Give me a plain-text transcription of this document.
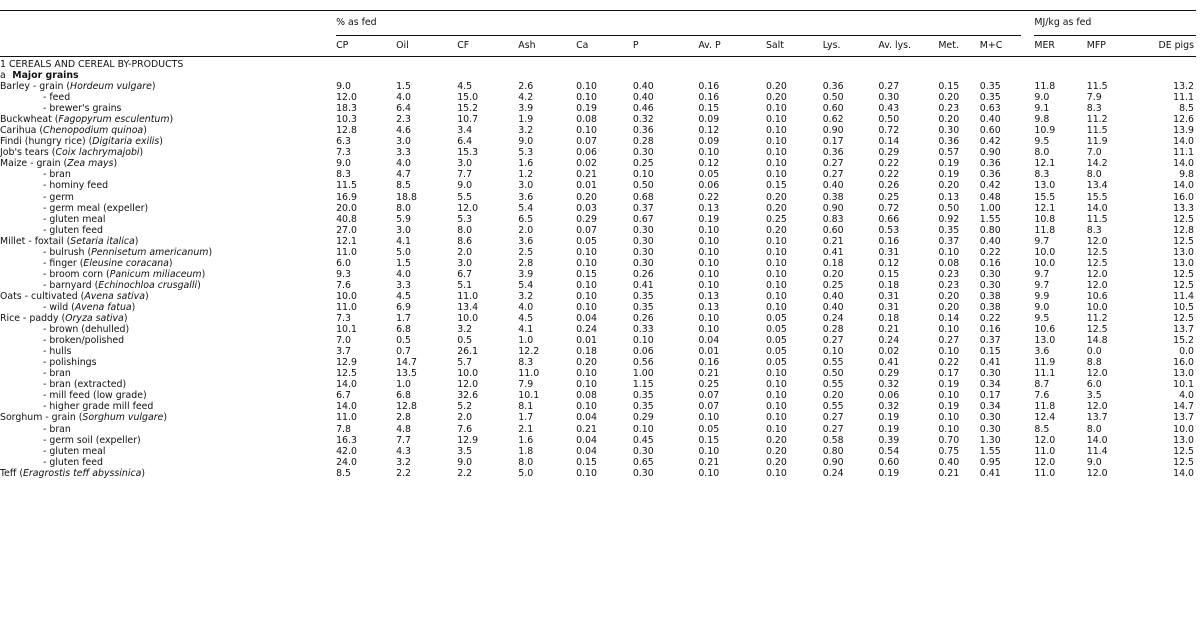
	% as fed													MJ/kg as fed		
	CP	Oil	CF	Ash	Ca	P	Av. P	Salt	Lys.	Av. lys.	Met.	M+C		MER	MFP	DE pigs
1 CEREALS AND CEREAL BY-PRODUCTS																
a Major grains																
Barley - grain (Hordeum vulgare)	9.0	1.5	4.5	2.6	0.10	0.40	0.16	0.20	0.36	0.27	0.15	0.35		11.8	11.5	13.2
- feed	12.0	4.0	15.0	4.2	0.10	0.40	0.16	0.20	0.50	0.30	0.20	0.35		9.0	7.9	11.1
- brewer's grains	18.3	6.4	15.2	3.9	0.19	0.46	0.15	0.10	0.60	0.43	0.23	0.63		9.1	8.3	8.5
Buckwheat (Fagopyrum esculentum)	10.3	2.3	10.7	1.9	0.08	0.32	0.09	0.10	0.62	0.50	0.20	0.40		9.8	11.2	12.6
Carihua (Chenopodium quinoa)	12.8	4.6	3.4	3.2	0.10	0.36	0.12	0.10	0.90	0.72	0.30	0.60		10.9	11.5	13.9
Findi (hungry rice) (Digitaria exilis)	6.3	3.0	6.4	9.0	0.07	0.28	0.09	0.10	0.17	0.14	0.36	0.42		9.5	11.9	14.0
Job's tears (Coix lachrymajobi)	7.3	3.3	15.3	5.3	0.06	0.30	0.10	0.10	0.36	0.29	0.57	0.90		8.0	7.0	11.1
Maize - grain (Zea mays)	9.0	4.0	3.0	1.6	0.02	0.25	0.12	0.10	0.27	0.22	0.19	0.36		12.1	14.2	14.0
- bran	8.3	4.7	7.7	1.2	0.21	0.10	0.05	0.10	0.27	0.22	0.19	0.36		8.3	8.0	9.8
- hominy feed	11.5	8.5	9.0	3.0	0.01	0.50	0.06	0.15	0.40	0.26	0.20	0.42		13.0	13.4	14.0
- germ	16.9	18.8	5.5	3.6	0.20	0.68	0.22	0.20	0.38	0.25	0.13	0.48		15.5	15.5	16.0
- germ meal (expeller)	20.0	8.0	12.0	5.4	0.03	0.37	0.13	0.20	0.90	0.72	0.50	1.00		12.1	14.0	13.3
- gluten meal	40.8	5.9	5.3	6.5	0.29	0.67	0.19	0.25	0.83	0.66	0.92	1.55		10.8	11.5	12.5
- gluten feed	27.0	3.0	8.0	2.0	0.07	0.30	0.10	0.20	0.60	0.53	0.35	0.80		11.8	8.3	12.8
Millet - foxtail (Setaria italica)	12.1	4.1	8.6	3.6	0.05	0.30	0.10	0.10	0.21	0.16	0.37	0.40		9.7	12.0	12.5
- bulrush (Pennisetum americanum)	11.0	5.0	2.0	2.5	0.10	0.30	0.10	0.10	0.41	0.31	0.10	0.22		10.0	12.5	13.0
- finger (Eleusine coracana)	6.0	1.5	3.0	2.8	0.10	0.30	0.10	0.10	0.18	0.12	0.08	0.16		10.0	12.5	13.0
- broom corn (Panicum miliaceum)	9.3	4.0	6.7	3.9	0.15	0.26	0.10	0.10	0.20	0.15	0.23	0.30		9.7	12.0	12.5
- barnyard (Echinochloa crusgalli)	7.6	3.3	5.1	5.4	0.10	0.41	0.10	0.10	0.25	0.18	0.23	0.30		9.7	12.0	12.5
Oats - cultivated (Avena sativa)	10.0	4.5	11.0	3.2	0.10	0.35	0.13	0.10	0.40	0.31	0.20	0.38		9.9	10.6	11.4
- wild (Avena fatua)	11.0	6.9	13.4	4.0	0.10	0.35	0.13	0.10	0.40	0.31	0.20	0.38		9.0	10.0	10.5
Rice - paddy (Oryza sativa)	7.3	1.7	10.0	4.5	0.04	0.26	0.10	0.05	0.24	0.18	0.14	0.22		9.5	11.2	12.5
- brown (dehulled)	10.1	6.8	3.2	4.1	0.24	0.33	0.10	0.05	0.28	0.21	0.10	0.16		10.6	12.5	13.7
- broken/polished	7.0	0.5	0.5	1.0	0.01	0.10	0.04	0.05	0.27	0.24	0.27	0.37		13.0	14.8	15.2
- hulls	3.7	0.7	26.1	12.2	0.18	0.06	0.01	0.05	0.10	0.02	0.10	0.15		3.6	0.0	0.0
- polishings	12.9	14.7	5.7	8.3	0.20	0.56	0.16	0.05	0.55	0.41	0.22	0.41		11.9	8.8	16.0
- bran	12.5	13.5	10.0	11.0	0.10	1.00	0.21	0.10	0.50	0.29	0.17	0.30		11.1	12.0	13.0
- bran (extracted)	14.0	1.0	12.0	7.9	0.10	1.15	0.25	0.10	0.55	0.32	0.19	0.34		8.7	6.0	10.1
- mill feed (low grade)	6.7	6.8	32.6	10.1	0.08	0.35	0.07	0.10	0.20	0.06	0.10	0.17		7.6	3.5	4.0
- higher grade mill feed	14.0	12.8	5.2	8.1	0.10	0.35	0.07	0.10	0.55	0.32	0.19	0.34		11.8	12.0	14.7
Sorghum - grain (Sorghum vulgare)	11.0	2.8	2.0	1.7	0.04	0.29	0.10	0.10	0.27	0.19	0.10	0.30		12.4	13.7	13.7
- bran	7.8	4.8	7.6	2.1	0.21	0.10	0.05	0.10	0.27	0.19	0.10	0.30		8.5	8.0	10.0
- germ soil (expeller)	16.3	7.7	12.9	1.6	0.04	0.45	0.15	0.20	0.58	0.39	0.70	1.30		12.0	14.0	13.0
- gluten meal	42.0	4.3	3.5	1.8	0.04	0.30	0.10	0.20	0.80	0.54	0.75	1.55		11.0	11.4	12.5
- gluten feed	24.0	3.2	9.0	8.0	0.15	0.65	0.21	0.20	0.90	0.60	0.40	0.95		12.0	9.0	12.5
Teff (Eragrostis teff abyssinica)	8.5	2.2	2.2	5.0	0.10	0.30	0.10	0.10	0.24	0.19	0.21	0.41		11.0	12.0	14.0
